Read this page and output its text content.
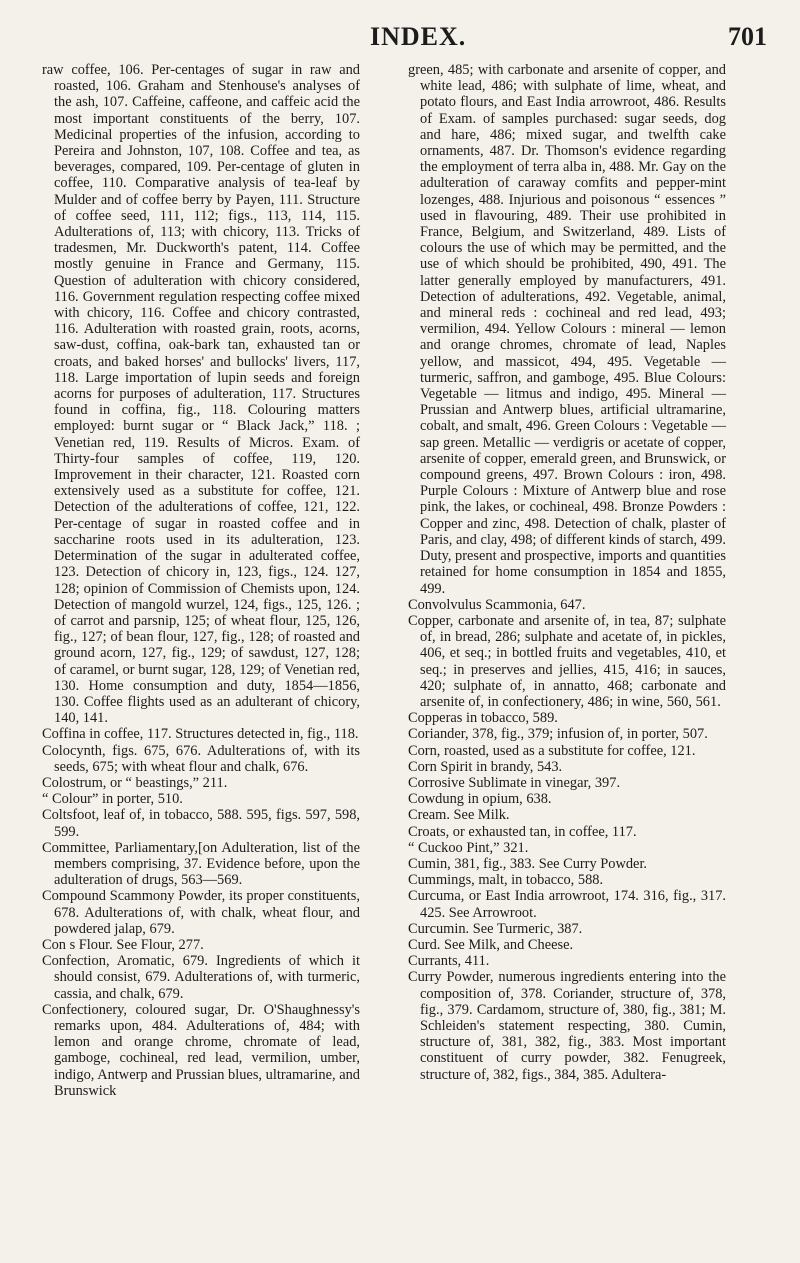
INDEX.	701

raw coffee, 106. Per-centages of sugar in raw and roasted, 106. Graham and Stenhouse's analyses of the ash, 107. Caffeine, caffeone, and caffeic acid the most important constituents of the berry, 107. Medicinal properties of the infusion, according to Pereira and Johnston, 107, 108. Coffee and tea, as beverages, compared, 109. Per-centage of gluten in coffee, 110. Comparative analysis of tea-leaf by Mulder and of coffee berry by Payen, 111. Structure of coffee seed, 111, 112; figs., 113, 114, 115. Adulterations of, 113; with chicory, 113. Tricks of tradesmen, Mr. Duckworth's patent, 114. Coffee mostly genuine in France and Germany, 115. Question of adulteration with chicory considered, 116. Government regulation respecting coffee mixed with chicory, 116. Coffee and chicory contrasted, 116. Adulteration with roasted grain, roots, acorns, saw-dust, coffina, oak-bark tan, exhausted tan or croats, and baked horses' and bullocks' livers, 117, 118. Large importation of lupin seeds and foreign acorns for purposes of adulteration, 117. Structures found in coffina, fig., 118. Colouring matters employed: burnt sugar or “ Black Jack,” 118. ; Venetian red, 119. Results of Micros. Exam. of Thirty-four samples of coffee, 119, 120. Improvement in their character, 121. Roasted corn extensively used as a substitute for coffee, 121. Detection of the adulterations of coffee, 121, 122. Per-centage of sugar in roasted coffee and in saccharine roots used in its adulteration, 123. Determination of the sugar in adulterated coffee, 123. Detection of chicory in, 123, figs., 124. 127, 128; opinion of Commission of Chemists upon, 124. Detection of mangold wurzel, 124, figs., 125, 126. ; of carrot and parsnip, 125; of wheat flour, 125, 126, fig., 127; of bean flour, 127, fig., 128; of roasted and ground acorn, 127, fig., 129; of sawdust, 127, 128; of caramel, or burnt sugar, 128, 129; of Venetian red, 130. Home consumption and duty, 1854—1856, 130. Coffee flights used as an adulterant of chicory, 140, 141.

Coffina in coffee, 117. Structures detected in, fig., 118.

Colocynth, figs. 675, 676. Adulterations of, with its seeds, 675; with wheat flour and chalk, 676.

Colostrum, or “ beastings,” 211.

“ Colour” in porter, 510.

Coltsfoot, leaf of, in tobacco, 588. 595, figs. 597, 598, 599.

Committee, Parliamentary,[on Adulteration, list of the members comprising, 37. Evidence before, upon the adulteration of drugs, 563—569.

Compound Scammony Powder, its proper constituents, 678. Adulterations of, with chalk, wheat flour, and powdered jalap, 679.

Con s Flour. See Flour, 277.

Confection, Aromatic, 679. Ingredients of which it should consist, 679. Adulterations of, with turmeric, cassia, and chalk, 679.

Confectionery, coloured sugar, Dr. O'Shaughnessy's remarks upon, 484. Adulterations of, 484; with lemon and orange chrome, chromate of lead, gamboge, cochineal, red lead, vermilion, umber, indigo, Antwerp and Prussian blues, ultramarine, and Brunswick

green, 485; with carbonate and arsenite of copper, and white lead, 486; with sulphate of lime, wheat, and potato flours, and East India arrowroot, 486. Results of Exam. of samples purchased: sugar seeds, dog and hare, 486; mixed sugar, and twelfth cake ornaments, 487. Dr. Thomson's evidence regarding the employment of terra alba in, 488. Mr. Gay on the adulteration of caraway comfits and pepper-mint lozenges, 488. Injurious and poisonous “ essences ” used in flavouring, 489. Their use prohibited in France, Belgium, and Switzerland, 489. Lists of colours the use of which may be permitted, and the use of which should be prohibited, 490, 491. The latter generally employed by manufacturers, 491. Detection of adulterations, 492. Vegetable, animal, and mineral reds : cochineal and red lead, 493; vermilion, 494. Yellow Colours : mineral — lemon and orange chromes, chromate of lead, Naples yellow, and massicot, 494, 495. Vegetable — turmeric, saffron, and gamboge, 495. Blue Colours: Vegetable — litmus and indigo, 495. Mineral — Prussian and Antwerp blues, artificial ultramarine, cobalt, and smalt, 496. Green Colours : Vegetable — sap green. Metallic — verdigris or acetate of copper, arsenite of copper, emerald green, and Brunswick, or compound greens, 497. Brown Colours : iron, 498. Purple Colours : Mixture of Antwerp blue and rose pink, the lakes, or cochineal, 498. Bronze Powders : Copper and zinc, 498. Detection of chalk, plaster of Paris, and clay, 498; of different kinds of starch, 499. Duty, present and prospective, imports and quantities retained for home consumption in 1854 and 1855, 499.

Convolvulus Scammonia, 647.

Copper, carbonate and arsenite of, in tea, 87; sulphate of, in bread, 286; sulphate and acetate of, in pickles, 406, et seq.; in bottled fruits and vegetables, 410, et seq.; in preserves and jellies, 415, 416; in sauces, 420; sulphate of, in annatto, 468; carbonate and arsenite of, in confectionery, 486; in wine, 560, 561.

Copperas in tobacco, 589.

Coriander, 378, fig., 379; infusion of, in porter, 507.

Corn, roasted, used as a substitute for coffee, 121.

Corn Spirit in brandy, 543.

Corrosive Sublimate in vinegar, 397.

Cowdung in opium, 638.

Cream. See Milk.

Croats, or exhausted tan, in coffee, 117.

“ Cuckoo Pint,” 321.

Cumin, 381, fig., 383. See Curry Powder.

Cummings, malt, in tobacco, 588.

Curcuma, or East India arrowroot, 174. 316, fig., 317. 425. See Arrowroot.

Curcumin. See Turmeric, 387.

Curd. See Milk, and Cheese.

Currants, 411.

Curry Powder, numerous ingredients entering into the composition of, 378. Coriander, structure of, 378, fig., 379. Cardamom, structure of, 380, fig., 381; M. Schleiden's statement respecting, 380. Cumin, structure of, 381, 382, fig., 383. Most important constituent of curry powder, 382. Fenugreek, structure of, 382, figs., 384, 385. Adultera-
